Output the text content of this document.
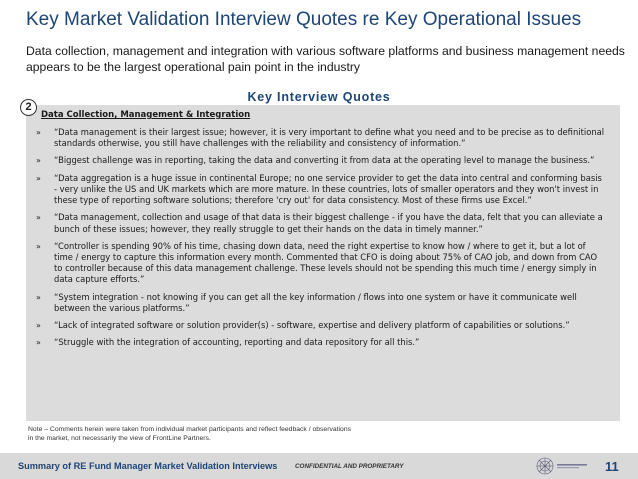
Key Market Validation Interview Quotes re Key Operational Issues
Data collection, management and integration with various software platforms and business management needs appears to be the largest operational pain point in the industry
Key Interview Quotes
2
Data Collection, Management & Integration
» “Data management is their largest issue; however, it is very important to define what you need and to be precise as to definitional standards otherwise, you still have challenges with the reliability and consistency of information.”
» “Biggest challenge was in reporting, taking the data and converting it from data at the operating level to manage the business.”
» “Data aggregation is a huge issue in continental Europe; no one service provider to get the data into central and conforming basis - very unlike the US and UK markets which are more mature. In these countries, lots of smaller operators and they won't invest in these type of reporting software solutions; therefore 'cry out' for data consistency. Most of these firms use Excel.”
» “Data management, collection and usage of that data is their biggest challenge - if you have the data, felt that you can alleviate a bunch of these issues; however, they really struggle to get their hands on the data in timely manner.”
» “Controller is spending 90% of his time, chasing down data, need the right expertise to know how / where to get it, but a lot of time / energy to capture this information every month. Commented that CFO is doing about 75% of CAO job, and down from CAO to controller because of this data management challenge. These levels should not be spending this much time / energy simply in data capture efforts.”
» “System integration - not knowing if you can get all the key information / flows into one system or have it communicate well between the various platforms.”
» “Lack of integrated software or solution provider(s) - software, expertise and delivery platform of capabilities or solutions.”
» “Struggle with the integration of accounting, reporting and data repository for all this.”
Note – Comments herein were taken from individual market participants and reflect feedback / observations in the market, not necessarily the view of FrontLine Partners.
Summary of RE Fund Manager Market Validation Interviews	CONFIDENTIAL AND PROPRIETARY	11
